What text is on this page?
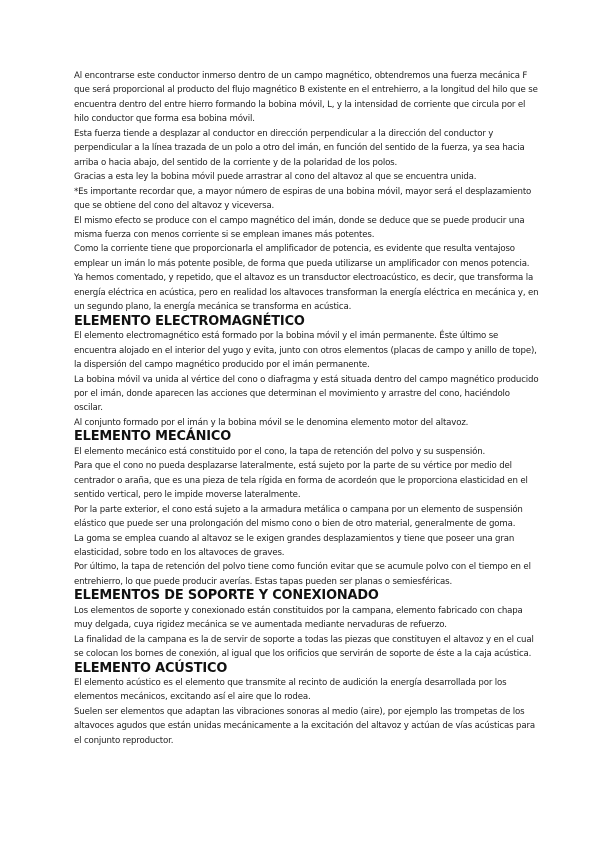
Al encontrarse este conductor inmerso dentro de un campo magnético, obtendremos una fuerza mecánica F que será proporcional al producto del flujo magnético B existente en el entrehierro, a la longitud del hilo que se encuentra dentro del entre hierro formando la bobina móvil, L, y la intensidad de corriente que circula por el hilo conductor que forma esa bobina móvil.

Esta fuerza tiende a desplazar al conductor en dirección perpendicular a la dirección del conductor y perpendicular a la línea trazada de un polo a otro del imán, en función del sentido de la fuerza, ya sea hacia arriba o hacia abajo, del sentido de la corriente y de la polaridad de los polos.

Gracias a esta ley la bobina móvil puede arrastrar al cono del altavoz al que se encuentra unida.

*Es importante recordar que, a mayor número de espiras de una bobina móvil, mayor será el desplazamiento que se obtiene del cono del altavoz y viceversa.

El mismo efecto se produce con el campo magnético del imán, donde se deduce que se puede producir una misma fuerza con menos corriente si se emplean imanes más potentes.

Como la corriente tiene que proporcionarla el amplificador de potencia, es evidente que resulta ventajoso emplear un imán lo más potente posible, de forma que pueda utilizarse un amplificador con menos potencia.

Ya hemos comentado, y repetido, que el altavoz es un transductor electroacústico, es decir, que transforma la energía eléctrica en acústica, pero en realidad los altavoces transforman la energía eléctrica en mecánica y, en un segundo plano, la energía mecánica se transforma en acústica.

ELEMENTO ELECTROMAGNÉTICO

El elemento electromagnético está formado por la bobina móvil y el imán permanente. Éste último se encuentra alojado en el interior del yugo y evita, junto con otros elementos (placas de campo y anillo de tope), la dispersión del campo magnético producido por el imán permanente.

La bobina móvil va unida al vértice del cono o diafragma y está situada dentro del campo magnético producido por el imán, donde aparecen las acciones que determinan el movimiento y arrastre del cono, haciéndolo oscilar.

Al conjunto formado por el imán y la bobina móvil se le denomina elemento motor del altavoz.

ELEMENTO MECÁNICO

El elemento mecánico está constituido por el cono, la tapa de retención del polvo y su suspensión.

Para que el cono no pueda desplazarse lateralmente, está sujeto por la parte de su vértice por medio del centrador o araña, que es una pieza de tela rígida en forma de acordeón que le proporciona elasticidad en el sentido vertical, pero le impide moverse lateralmente.

Por la parte exterior, el cono está sujeto a la armadura metálica o campana por un elemento de suspensión elástico que puede ser una prolongación del mismo cono o bien de otro material, generalmente de goma.

La goma se emplea cuando al altavoz se le exigen grandes desplazamientos y tiene que poseer una gran elasticidad, sobre todo en los altavoces de graves.

Por último, la tapa de retención del polvo tiene como función evitar que se acumule polvo con el tiempo en el entrehierro, lo que puede producir averías. Estas tapas pueden ser planas o semiesféricas.

ELEMENTOS DE SOPORTE Y CONEXIONADO

Los elementos de soporte y conexionado están constituidos por la campana, elemento fabricado con chapa muy delgada, cuya rigidez mecánica se ve aumentada mediante nervaduras de refuerzo.

La finalidad de la campana es la de servir de soporte a todas las piezas que constituyen el altavoz y en el cual se colocan los bornes de conexión, al igual que los orificios que servirán de soporte de éste a la caja acústica.

ELEMENTO ACÚSTICO

El elemento acústico es el elemento que transmite al recinto de audición la energía desarrollada por los elementos mecánicos, excitando así el aire que lo rodea.

Suelen ser elementos que adaptan las vibraciones sonoras al medio (aire), por ejemplo las trompetas de los altavoces agudos que están unidas mecánicamente a la excitación del altavoz y actúan de vías acústicas para el conjunto reproductor.
